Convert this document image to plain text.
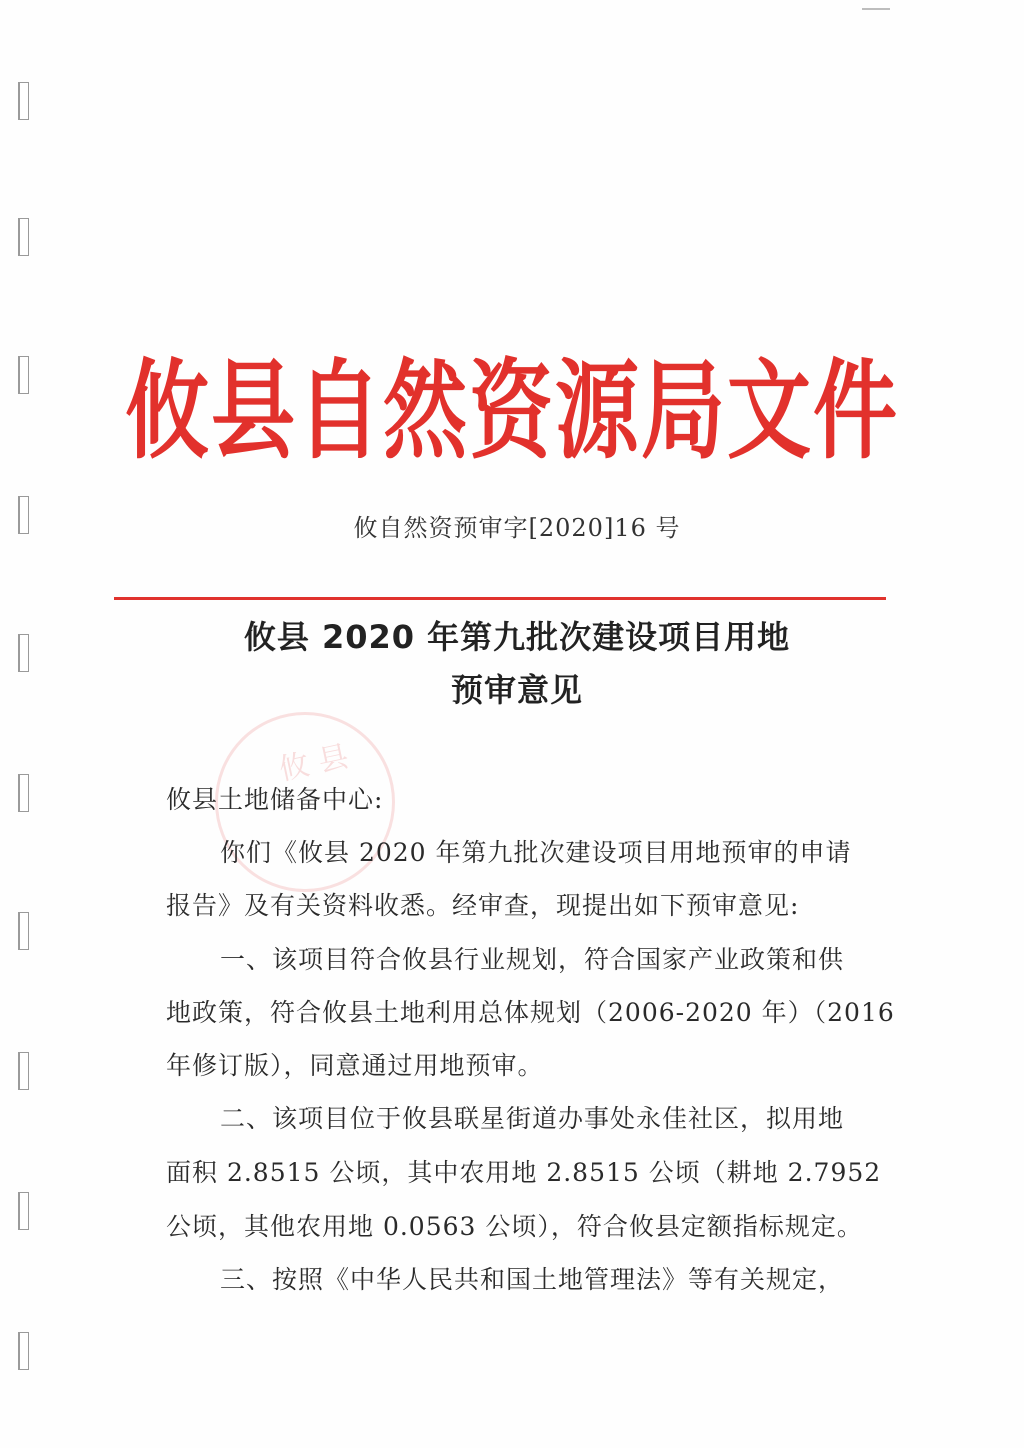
攸县自然资源局文件
攸自然资预审字[2020]16 号
攸县 2020 年第九批次建设项目用地
预审意见
攸县
攸县土地储备中心:
你们《攸县 2020 年第九批次建设项目用地预审的申请
报告》及有关资料收悉。经审查，现提出如下预审意见:
一、该项目符合攸县行业规划，符合国家产业政策和供
地政策，符合攸县土地利用总体规划（2006-2020 年）（2016
年修订版），同意通过用地预审。
二、该项目位于攸县联星街道办事处永佳社区，拟用地
面积 2.8515 公顷，其中农用地 2.8515 公顷（耕地 2.7952
公顷，其他农用地 0.0563 公顷），符合攸县定额指标规定。
三、按照《中华人民共和国土地管理法》等有关规定，
